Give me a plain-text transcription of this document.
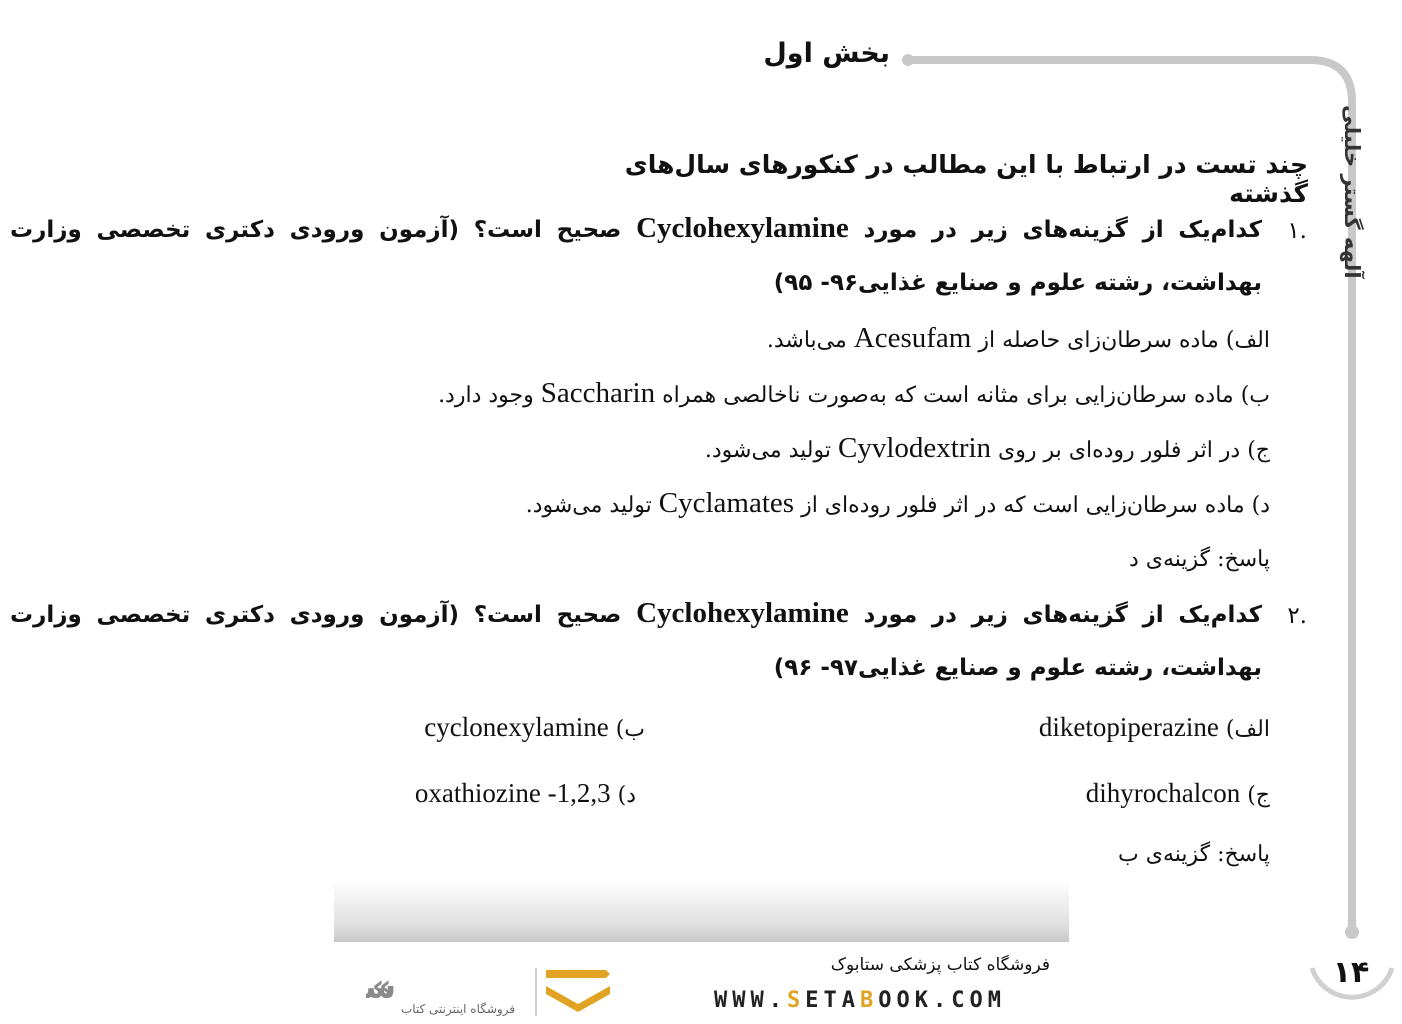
بخش اول
آلهه گستر خلیلی
چند تست در ارتباط با این مطالب در کنکورهای سال‌های گذشته
۱.
کدام‌یک از گزینه‌های زیر در مورد Cyclohexylamine صحیح است؟ (آزمون ورودی دکتری تخصصی وزارت
بهداشت، رشته علوم و صنایع غذایی۹۶- ۹۵)
الف) ماده سرطان‌زای حاصله از Acesufam می‌باشد.
ب) ماده سرطان‌زایی برای مثانه است که به‌صورت ناخالصی همراه Saccharin وجود دارد.
ج) در اثر فلور روده‌ای بر روی Cyvlodextrin تولید می‌شود.
د) ماده سرطان‌زایی است که در اثر فلور روده‌ای از Cyclamates تولید می‌شود.
پاسخ: گزینه‌ی د
۲.
کدام‌یک از گزینه‌های زیر در مورد Cyclohexylamine صحیح است؟ (آزمون ورودی دکتری تخصصی وزارت
بهداشت، رشته علوم و صنایع غذایی۹۷- ۹۶)
الف) diketopiperazine
ب) cyclonexylamine
ج) dihyrochalcon
د) 1,2,3- oxathiozine
پاسخ: گزینه‌ی ب
«
س
فروشگاه اینترنتی کتاب
فروشگاه کتاب پزشکی ستابوک
WWW.SETABOOK.COM
۱۴
